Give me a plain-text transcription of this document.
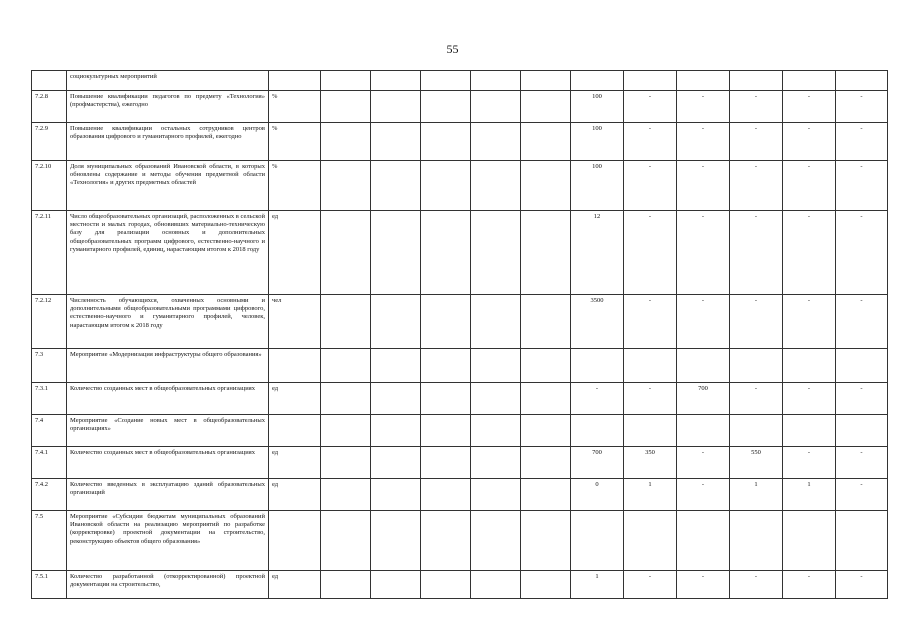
55
	социокультурных мероприятий												
7.2.8	Повышение квалификации педагогов по предмету «Технология» (профмастерства), ежегодно	%						100	-	-	-	-	-
7.2.9	Повышение квалификации остальных сотрудников центров образования цифрового и гуманитарного профилей, ежегодно	%						100	-	-	-	-	-
7.2.10	Доля муниципальных образований Ивановской области, в которых обновлены содержание и методы обучения предметной области «Технология» и других предметных областей	%						100	-	-	-	-	-
7.2.11	Число общеобразовательных организаций, расположенных в сельской местности и малых городах, обновивших материально-техническую базу для реализации основных и дополнительных общеобразовательных программ цифрового, естественно-научного и гуманитарного профилей, единиц, нарастающим итогом к 2018 году	ед						12	-	-	-	-	-
7.2.12	Численность обучающихся, охваченных основными и дополнительными общеобразовательными программами цифрового, естественно-научного и гуманитарного профилей, человек, нарастающим итогом к 2018 году	чел						3500	-	-	-	-	-
7.3	Мероприятие «Модернизация инфраструктуры общего образования»												
7.3.1	Количество созданных мест в общеобразовательных организациях	ед						-	-	700	-	-	-
7.4	Мероприятие «Создание новых мест в общеобразовательных организациях»												
7.4.1	Количество созданных мест в общеобразовательных организациях	ед						700	350	-	550	-	-
7.4.2	Количество введенных в эксплуатацию зданий образовательных организаций	ед						0	1	-	1	1	-
7.5	Мероприятие «Субсидии бюджетам муниципальных образований Ивановской области на реализацию мероприятий по разработке (корректировке) проектной документации на строительство, реконструкцию объектов общего образования»												
7.5.1	Количество разработанной (откорректированной) проектной документации на строительство,	ед						1	-	-	-	-	-
